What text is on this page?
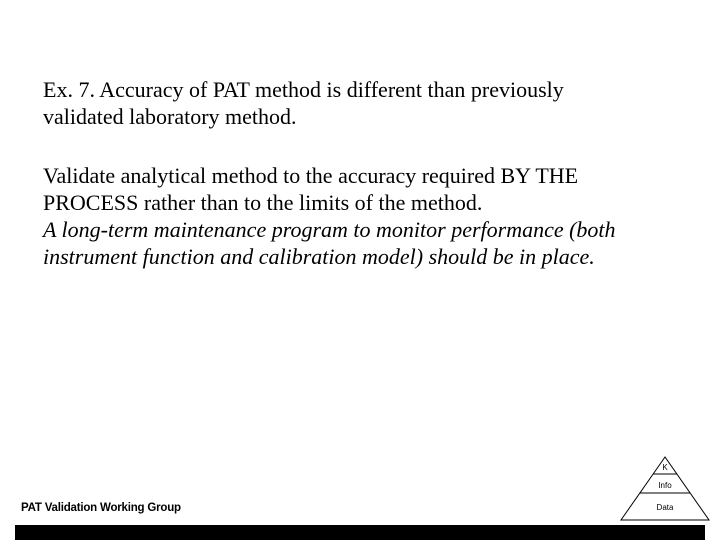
Ex. 7. Accuracy of PAT method is different than previously
validated laboratory method.

Validate analytical method to the accuracy required BY THE
PROCESS rather than to the limits of the method.
A long-term maintenance program to monitor performance (both
instrument function and calibration model) should be in place.

PAT Validation Working Group
K
Info
Data
